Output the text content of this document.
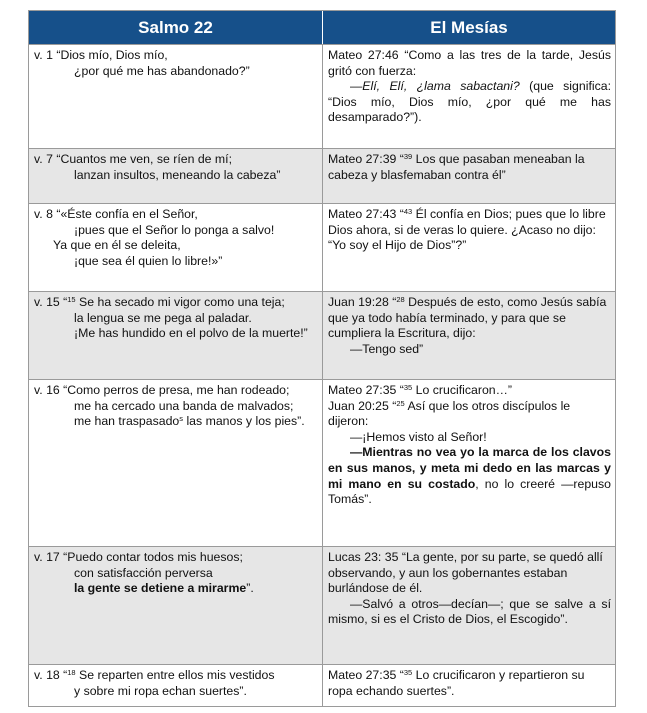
Salmo 22	El Mesías
v. 1 “Dios mío, Dios mío,
¿por qué me has abandonado?”
Mateo 27:46 “Como a las tres de la tarde, Jesús gritó con fuerza:
—Elí, Elí, ¿lama sabactani? (que significa: “Dios mío, Dios mío, ¿por qué me has desamparado?”).
v. 7 “Cuantos me ven, se ríen de mí;
lanzan insultos, meneando la cabeza”
Mateo 27:39 “$^{39}$ Los que pasaban meneaban la cabeza y blasfemaban contra él”
v. 8 “«Éste confía en el Señor,
¡pues que el Señor lo ponga a salvo!
Ya que en él se deleita,
¡que sea él quien lo libre!»”
Mateo 27:43 “$^{43}$ Él confía en Dios; pues que lo libre Dios ahora, si de veras lo quiere. ¿Acaso no dijo: “Yo soy el Hijo de Dios”?”
v. 15 “$^{15}$ Se ha secado mi vigor como una teja;
la lengua se me pega al paladar.
¡Me has hundido en el polvo de la muerte!”
Juan 19:28 “$^{28}$ Después de esto, como Jesús sabía que ya todo había terminado, y para que se cumpliera la Escritura, dijo:
—Tengo sed”
v. 16 “Como perros de presa, me han rodeado;
me ha cercado una banda de malvados;
me han traspasado$^s$ las manos y los pies”.
Mateo 27:35 “$^{35}$ Lo crucificaron…”
Juan 20:25 “$^{25}$ Así que los otros discípulos le dijeron:
—¡Hemos visto al Señor!
—Mientras no vea yo la marca de los clavos en sus manos, y meta mi dedo en las marcas y mi mano en su costado, no lo creeré —repuso Tomás”.
v. 17 “Puedo contar todos mis huesos;
con satisfacción perversa
la gente se detiene a mirarme”.
Lucas 23: 35 “La gente, por su parte, se quedó allí observando, y aun los gobernantes estaban burlándose de él.
—Salvó a otros—decían—; que se salve a sí mismo, si es el Cristo de Dios, el Escogido”.
v. 18 “$^{18}$ Se reparten entre ellos mis vestidos
y sobre mi ropa echan suertes”.
Mateo 27:35 “$^{35}$ Lo crucificaron y repartieron su ropa echando suertes”.
